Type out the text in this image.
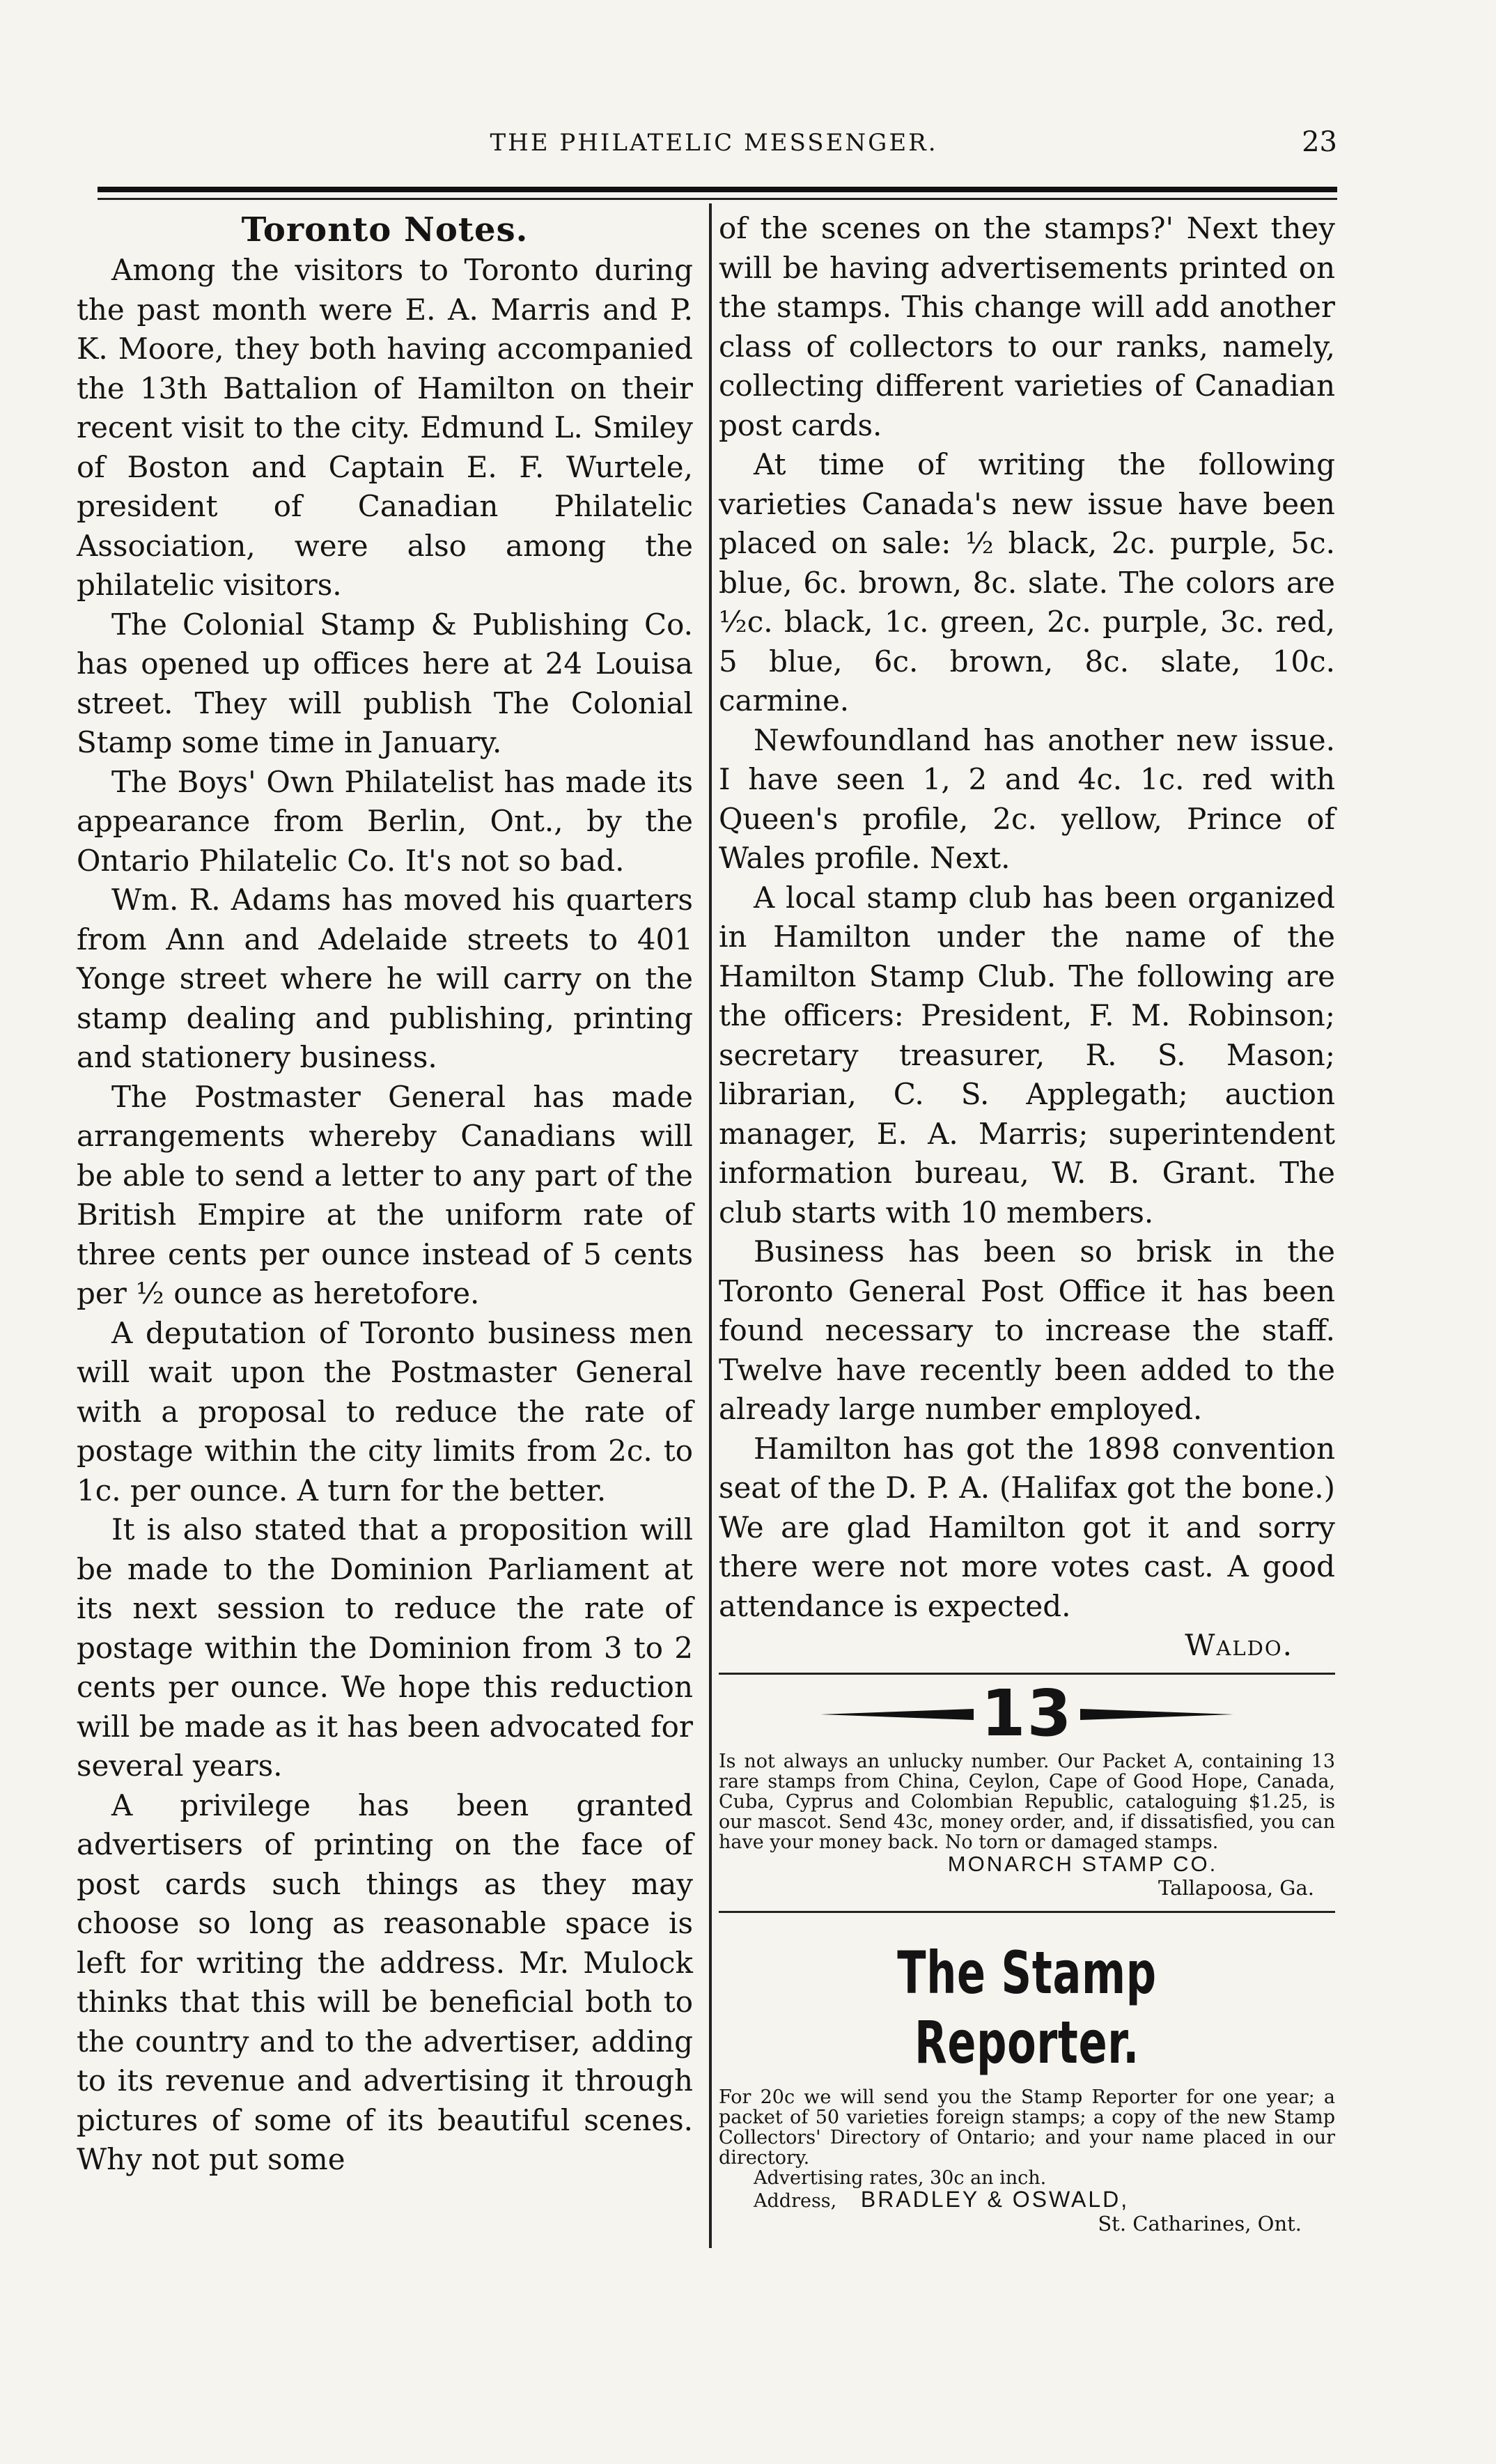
THE PHILATELIC MESSENGER.	23
Toronto Notes.

Among the visitors to Toronto during the past month were E. A. Marris and P. K. Moore, they both having accompanied the 13th Battalion of Hamilton on their recent visit to the city. Edmund L. Smiley of Boston and Captain E. F. Wurtele, president of Canadian Philatelic Association, were also among the philatelic visitors.

The Colonial Stamp & Publishing Co. has opened up offices here at 24 Louisa street. They will publish The Colonial Stamp some time in January.

The Boys' Own Philatelist has made its appearance from Berlin, Ont., by the Ontario Philatelic Co. It's not so bad.

Wm. R. Adams has moved his quarters from Ann and Adelaide streets to 401 Yonge street where he will carry on the stamp dealing and publishing, printing and stationery business.

The Postmaster General has made arrangements whereby Canadians will be able to send a letter to any part of the British Empire at the uniform rate of three cents per ounce instead of 5 cents per ½ ounce as heretofore.

A deputation of Toronto business men will wait upon the Postmaster General with a proposal to reduce the rate of postage within the city limits from 2c. to 1c. per ounce. A turn for the better.

It is also stated that a proposition will be made to the Dominion Parliament at its next session to reduce the rate of postage within the Dominion from 3 to 2 cents per ounce. We hope this reduction will be made as it has been advocated for several years.

A privilege has been granted advertisers of printing on the face of post cards such things as they may choose so long as reasonable space is left for writing the address. Mr. Mulock thinks that this will be beneficial both to the country and to the advertiser, adding to its revenue and advertising it through pictures of some of its beautiful scenes. Why not put some

of the scenes on the stamps?' Next they will be having advertisements printed on the stamps. This change will add another class of collectors to our ranks, namely, collecting different varieties of Canadian post cards.

At time of writing the following varieties Canada's new issue have been placed on sale: ½ black, 2c. purple, 5c. blue, 6c. brown, 8c. slate. The colors are ½c. black, 1c. green, 2c. purple, 3c. red, 5 blue, 6c. brown, 8c. slate, 10c. carmine.

Newfoundland has another new issue. I have seen 1, 2 and 4c. 1c. red with Queen's profile, 2c. yellow, Prince of Wales profile. Next.

A local stamp club has been organized in Hamilton under the name of the Hamilton Stamp Club. The following are the officers: President, F. M. Robinson; secretary treasurer, R. S. Mason; librarian, C. S. Applegath; auction manager, E. A. Marris; superintendent information bureau, W. B. Grant. The club starts with 10 members.

Business has been so brisk in the Toronto General Post Office it has been found necessary to increase the staff. Twelve have recently been added to the already large number employed.

Hamilton has got the 1898 convention seat of the D. P. A. (Halifax got the bone.) We are glad Hamilton got it and sorry there were not more votes cast. A good attendance is expected.

Waldo.
13
Is not always an unlucky number. Our Packet A, containing 13 rare stamps from China, Ceylon, Cape of Good Hope, Canada, Cuba, Cyprus and Colombian Republic, cataloguing $1.25, is our mascot. Send 43c, money order, and, if dissatisfied, you can have your money back. No torn or damaged stamps.
MONARCH STAMP CO.
Tallapoosa, Ga.
The Stamp Reporter.
For 20c we will send you the Stamp Reporter for one year; a packet of 50 varieties foreign stamps; a copy of the new Stamp Collectors' Directory of Ontario; and your name placed in our directory.
Advertising rates, 30c an inch.
Address, BRADLEY & OSWALD,
St. Catharines, Ont.
